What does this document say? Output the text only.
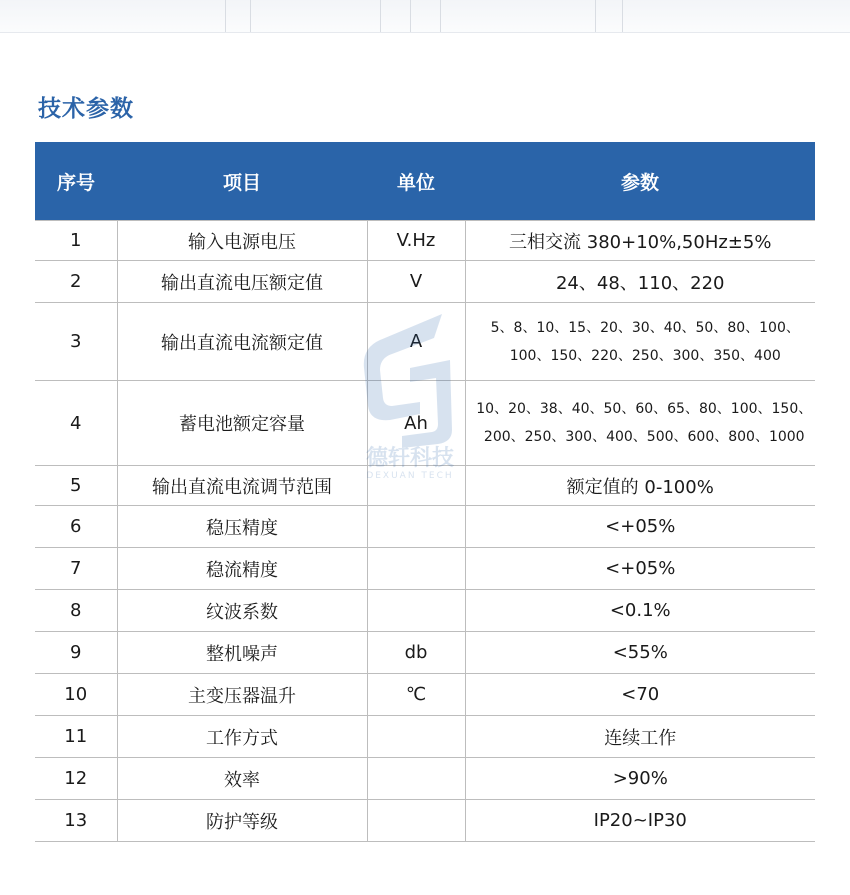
技术参数
序号	项目	单位	参数
1	输入电源电压	V.Hz	三相交流 380+10%,50Hz±5%
2	输出直流电压额定值	V	24、48、110、220
3	输出直流电流额定值	A	5、8、10、15、20、30、40、50、80、100、
100、150、220、250、300、350、400

4	蓄电池额定容量	Ah	10、20、38、40、50、60、65、80、100、150、
200、250、300、400、500、600、800、1000

5	输出直流电流调节范围		额定值的 0-100%
6	稳压精度		<+05%
7	稳流精度		<+05%
8	纹波系数		<0.1%
9	整机噪声	db	<55%
10	主变压器温升	℃	<70
11	工作方式		连续工作
12	效率		>90%
13	防护等级		IP20~IP30
德轩科技
DEXUAN TECH
